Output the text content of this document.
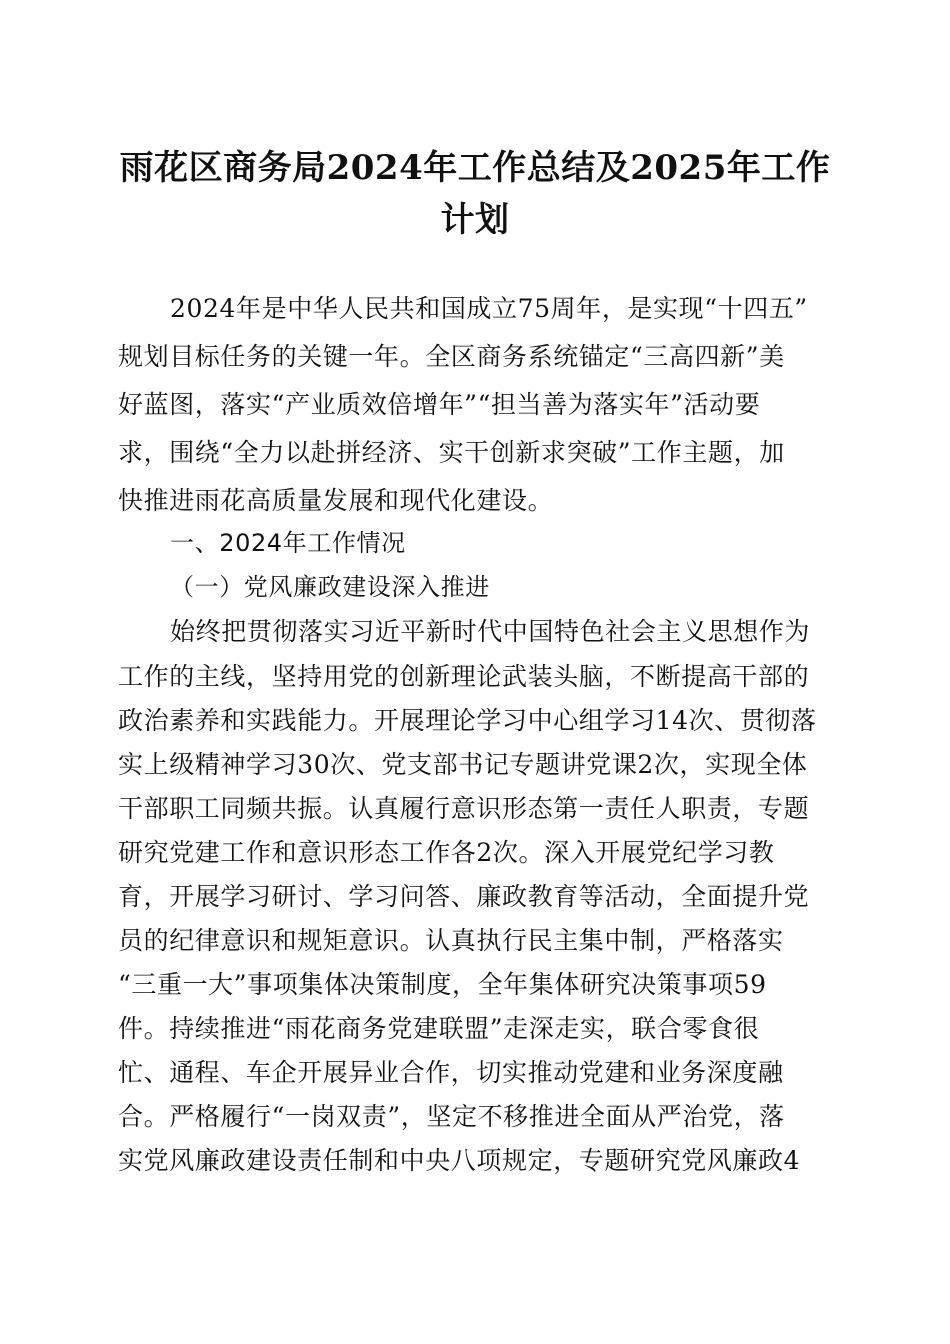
雨花区商务局2024年工作总结及2025年工作
计划
2024年是中华人民共和国成立75周年，是实现“十四五”
规划目标任务的关键一年。全区商务系统锚定“三高四新”美
好蓝图，落实“产业质效倍增年”“担当善为落实年”活动要
求，围绕“全力以赴拼经济、实干创新求突破”工作主题，加
快推进雨花高质量发展和现代化建设。
一、2024年工作情况
（一）党风廉政建设深入推进
始终把贯彻落实习近平新时代中国特色社会主义思想作为
工作的主线，坚持用党的创新理论武装头脑，不断提高干部的
政治素养和实践能力。开展理论学习中心组学习14次、贯彻落
实上级精神学习30次、党支部书记专题讲党课2次，实现全体
干部职工同频共振。认真履行意识形态第一责任人职责，专题
研究党建工作和意识形态工作各2次。深入开展党纪学习教
育，开展学习研讨、学习问答、廉政教育等活动，全面提升党
员的纪律意识和规矩意识。认真执行民主集中制，严格落实
“三重一大”事项集体决策制度，全年集体研究决策事项59
件。持续推进“雨花商务党建联盟”走深走实，联合零食很
忙、通程、车企开展异业合作，切实推动党建和业务深度融
合。严格履行“一岗双责”，坚定不移推进全面从严治党，落
实党风廉政建设责任制和中央八项规定，专题研究党风廉政4
